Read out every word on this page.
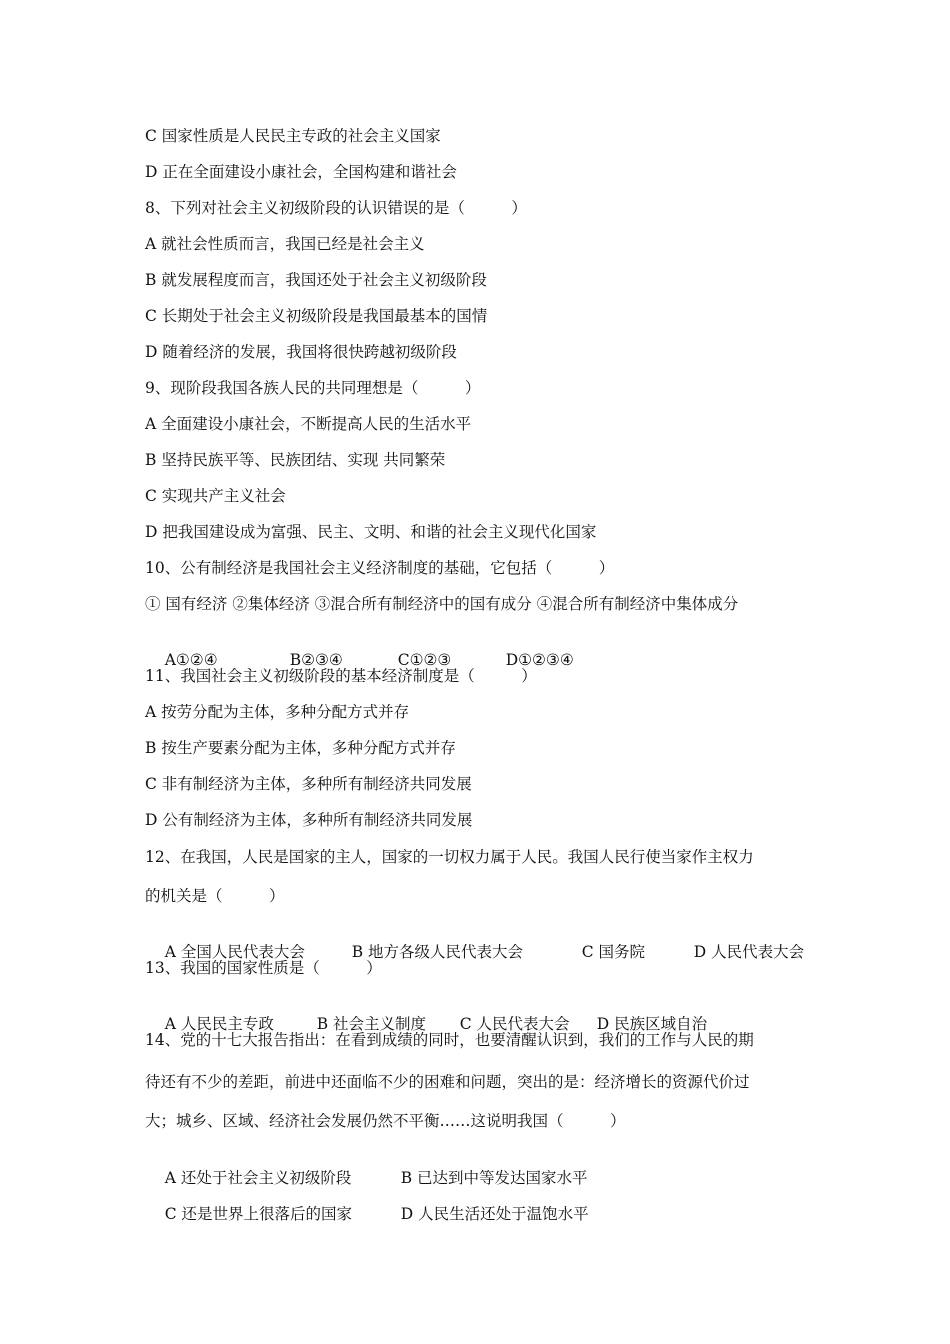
C 国家性质是人民民主专政的社会主义国家
D 正在全面建设小康社会，全国构建和谐社会
8、下列对社会主义初级阶段的认识错误的是（　　　）
A 就社会性质而言，我国已经是社会主义
B 就发展程度而言，我国还处于社会主义初级阶段
C 长期处于社会主义初级阶段是我国最基本的国情
D 随着经济的发展，我国将很快跨越初级阶段
9、现阶段我国各族人民的共同理想是（　　　）
A 全面建设小康社会，不断提高人民的生活水平
B 坚持民族平等、民族团结、实现 共同繁荣
C 实现共产主义社会
D 把我国建设成为富强、民主、文明、和谐的社会主义现代化国家
10、公有制经济是我国社会主义经济制度的基础，它包括（　　　）
① 国有经济 ②集体经济 ③混合所有制经济中的国有成分 ④混合所有制经济中集体成分

A①②④	B②③④	C①②③	D①②③④

11、我国社会主义初级阶段的基本经济制度是（　　　）
A 按劳分配为主体，多种分配方式并存
B 按生产要素分配为主体，多种分配方式并存
C 非有制经济为主体，多种所有制经济共同发展
D 公有制经济为主体，多种所有制经济共同发展
12、在我国，人民是国家的主人，国家的一切权力属于人民。我国人民行使当家作主权力
的机关是（　　　）

A 全国人民代表大会	B 地方各级人民代表大会	C 国务院	D 人民代表大会

13、我国的国家性质是（　　　）

A 人民民主专政	B 社会主义制度 C 人民代表大会 D 民族区域自治

14、党的十七大报告指出：在看到成绩的同时，也要清醒认识到，我们的工作与人民的期
待还有不少的差距，前进中还面临不少的困难和问题，突出的是：经济增长的资源代价过
大；城乡、区域、经济社会发展仍然不平衡……这说明我国（　　　）

A 还处于社会主义初级阶段	B 已达到中等发达国家水平

C 还是世界上很落后的国家	D 人民生活还处于温饱水平
